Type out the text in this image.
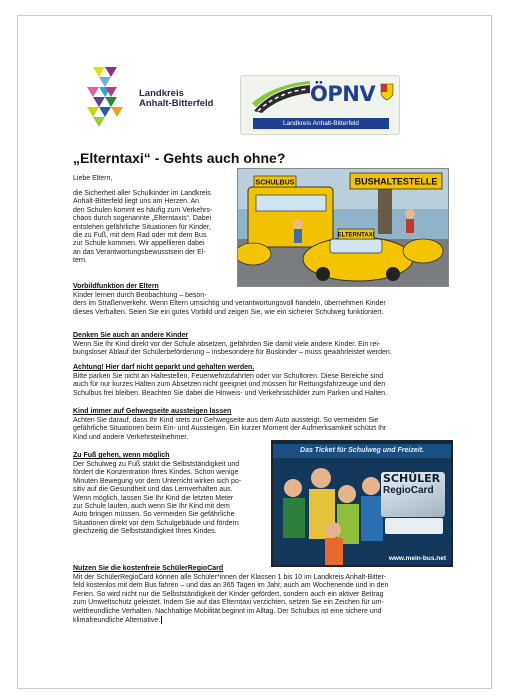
Landkreis
Anhalt-Bitterfeld	ÖPNV
Landkreis Anhalt-Bitterfeld
„Elterntaxi“ - Gehts auch ohne?
Liebe Eltern,
die Sicherheit aller Schulkinder im Landkreis
Anhalt-Bitterfeld liegt uns am Herzen. An
den Schulen kommt es häufig zum Verkehrs-
chaos durch sogenannte „Elterntaxis“. Dabei
entstehen gefährliche Situationen für Kinder,
die zu Fuß, mit dem Rad oder mit dem Bus
zur Schule kommen. Wir appellieren dabei
an das Verantwortungsbewusstsein der El-
tern.
SCHULBUS	BUSHALTESTELLE
ELTERNTAXI
Vorbildfunktion der Eltern
Kinder lernen durch Beobachtung – beson-
ders im Straßenverkehr. Wenn Eltern umsichtig und verantwortungsvoll handeln, übernehmen Kinder
dieses Verhalten. Seien Sie ein gutes Vorbild und zeigen Sie, wie ein sicherer Schulweg funktioniert.
Denken Sie auch an andere Kinder
Wenn Sie Ihr Kind direkt vor der Schule absetzen, gefährden Sie damit viele andere Kinder. Ein rei-
bungsloser Ablauf der Schülerbeförderung – insbesondere für Buskinder – muss gewährleistet werden.
Achtung! Hier darf nicht geparkt und gehalten werden.
Bitte parken Sie nicht an Haltestellen, Feuerwehrzufahrten oder vor Schultoren. Diese Bereiche sind
auch für nur kurzes Halten zum Absetzen nicht geeignet und müssen für Rettungsfahrzeuge und den
Schulbus frei bleiben. Beachten Sie dabei die Hinweis- und Verkehrsschilder zum Parken und Halten.
Kind immer auf Gehwegseite aussteigen lassen
Achten Sie darauf, dass Ihr Kind stets zur Gehwegseite aus dem Auto aussteigt. So vermeiden Sie
gefährliche Situationen beim Ein- und Aussteigen. Ein kurzer Moment der Aufmerksamkeit schützt Ihr
Kind und andere Verkehrsteilnehmer.
Zu Fuß gehen, wenn möglich
Der Schulweg zu Fuß stärkt die Selbstständigkeit und
fördert die Konzentration Ihres Kindes. Schon wenige
Minuten Bewegung vor dem Unterricht wirken sich po-
sitiv auf die Gesundheit und das Lernverhalten aus.
Wenn möglich, lassen Sie Ihr Kind die letzten Meter
zur Schule laufen, auch wenn Sie Ihr Kind mit dem
Auto bringen müssen. So vermeiden Sie gefährliche
Situationen direkt vor dem Schulgebäude und fördern
gleichzeitig die Selbstständigkeit Ihres Kindes.
Das Ticket für Schulweg und Freizeit.
SCHÜLER
RegioCard
www.mein-bus.net
Nutzen Sie die kostenfreie SchülerRegioCard
Mit der SchülerRegioCard können alle Schüler*innen der Klassen 1 bis 10 im Landkreis Anhalt-Bitter-
feld kostenlos mit dem Bus fahren – und das an 365 Tagen im Jahr, auch am Wochenende und in den
Ferien. So wird nicht nur die Selbstständigkeit der Kinder gefördert, sondern auch ein aktiver Beitrag
zum Umweltschutz geleistet. Indem Sie auf das Elterntaxi verzichten, setzen Sie ein Zeichen für um-
weltfreundliche Verhalten. Nachhaltige Mobilität beginnt im Alltag. Der Schulbus ist eine sichere und
klimafreundliche Alternative.
